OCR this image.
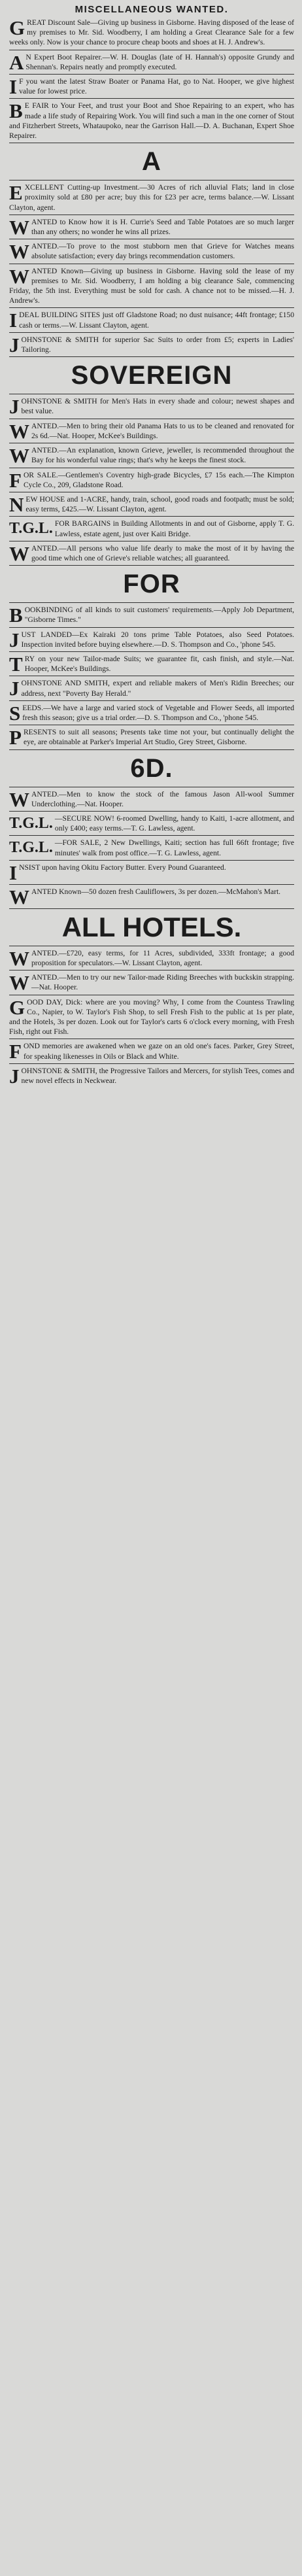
MISCELLANEOUS WANTED.

GREAT Discount Sale—Giving up business in Gisborne. Having disposed of the lease of my premises to Mr. Sid. Woodberry, I am holding a Great Clearance Sale for a few weeks only. Now is your chance to procure cheap boots and shoes at H. J. Andrew's.

A N Expert Boot Repairer.—W. H. Douglas (late of H. Hannah's) opposite Grundy and Shennan's. Repairs neatly and promptly executed.

I F you want the latest Straw Boater or Panama Hat, go to Nat. Hooper, we give highest value for lowest price.

B E FAIR to Your Feet, and trust your Boot and Shoe Repairing to an expert, who has made a life study of Repairing Work. You will find such a man in the one corner of Stout and Fitzherbert Streets, Whataupoko, near the Garrison Hall.—D. A. Buchanan, Expert Shoe Repairer.

A

EXCELLENT Cutting-up Investment.—30 Acres of rich alluvial Flats; land in close proximity sold at £80 per acre; buy this for £23 per acre, terms balance.—W. Lissant Clayton, agent.

WANTED to Know how it is H. Currie's Seed and Table Potatoes are so much larger than any others; no wonder he wins all prizes.

WANTED.—To prove to the most stubborn men that Grieve for Watches means absolute satisfaction; every day brings recommendation customers.

WANTED Known—Giving up business in Gisborne. Having sold the lease of my premises to Mr. Sid. Woodberry, I am holding a big clearance Sale, commencing Friday, the 5th inst. Everything must be sold for cash. A chance not to be missed.—H. J. Andrew's.

IDEAL BUILDING SITES just off Gladstone Road; no dust nuisance; 44ft frontage; £150 cash or terms.—W. Lissant Clayton, agent.

JOHNSTONE & SMITH for superior Sac Suits to order from £5; experts in Ladies' Tailoring.

SOVEREIGN

JOHNSTONE & SMITH for Men's Hats in every shade and colour; newest shapes and best value.

WANTED.—Men to bring their old Panama Hats to us to be cleaned and renovated for 2s 6d.—Nat. Hooper, McKee's Buildings.

WANTED.—An explanation, known Grieve, jeweller, is recommended throughout the Bay for his wonderful value rings; that's why he keeps the finest stock.

FOR SALE.—Gentlemen's Coventry high-grade Bicycles, £7 15s each.—The Kimpton Cycle Co., 209, Gladstone Road.

NEW HOUSE and 1-ACRE, handy, train, school, good roads and footpath; must be sold; easy terms, £425.—W. Lissant Clayton, agent.

T.G.L. FOR BARGAINS in Building Allotments in and out of Gisborne, apply T. G. Lawless, estate agent, just over Kaiti Bridge.

WANTED.—All persons who value life dearly to make the most of it by having the good time which one of Grieve's reliable watches; all guaranteed.

FOR

BOOKBINDING of all kinds to suit customers' requirements.—Apply Job Department, "Gisborne Times."

JUST LANDED—Ex Kairaki 20 tons prime Table Potatoes, also Seed Potatoes. Inspection invited before buying elsewhere.—D. S. Thompson and Co., 'phone 545.

TRY on your new Tailor-made Suits; we guarantee fit, cash finish, and style.—Nat. Hooper, McKee's Buildings.

JOHNSTONE AND SMITH, expert and reliable makers of Men's Ridin Breeches; our address, next "Poverty Bay Herald."

SEEDS.—We have a large and varied stock of Vegetable and Flower Seeds, all imported fresh this season; give us a trial order.—D. S. Thompson and Co., 'phone 545.

PRESENTS to suit all seasons; Presents take time not your, but continually delight the eye, are obtainable at Parker's Imperial Art Studio, Grey Street, Gisborne.

6D.

WANTED.—Men to know the stock of the famous Jason All-wool Summer Underclothing.—Nat. Hooper.

T.G.L. —SECURE NOW! 6-roomed Dwelling, handy to Kaiti, 1-acre allotment, and only £400; easy terms.—T. G. Lawless, agent.

T.G.L. —FOR SALE, 2 New Dwellings, Kaiti; section has full 66ft frontage; five minutes' walk from post office.—T. G. Lawless, agent.

INSIST upon having Okitu Factory Butter. Every Pound Guaranteed.

WANTED Known—50 dozen fresh Cauliflowers, 3s per dozen.—McMahon's Mart.

ALL HOTELS.

WANTED.—£720, easy terms, for 11 Acres, subdivided, 333ft frontage; a good proposition for speculators.—W. Lissant Clayton, agent.

WANTED.—Men to try our new Tailor-made Riding Breeches with buckskin strapping.—Nat. Hooper.

GOOD DAY, Dick: where are you moving? Why, I come from the Countess Trawling Co., Napier, to W. Taylor's Fish Shop, to sell Fresh Fish to the public at 1s per plate, and the Hotels, 3s per dozen. Look out for Taylor's carts 6 o'clock every morning, with Fresh Fish, right out Fish.

FOND memories are awakened when we gaze on an old one's faces. Parker, Grey Street, for speaking likenesses in Oils or Black and White.

JOHNSTONE & SMITH, the Progressive Tailors and Mercers, for stylish Tees, comes and new novel effects in Neckwear.
